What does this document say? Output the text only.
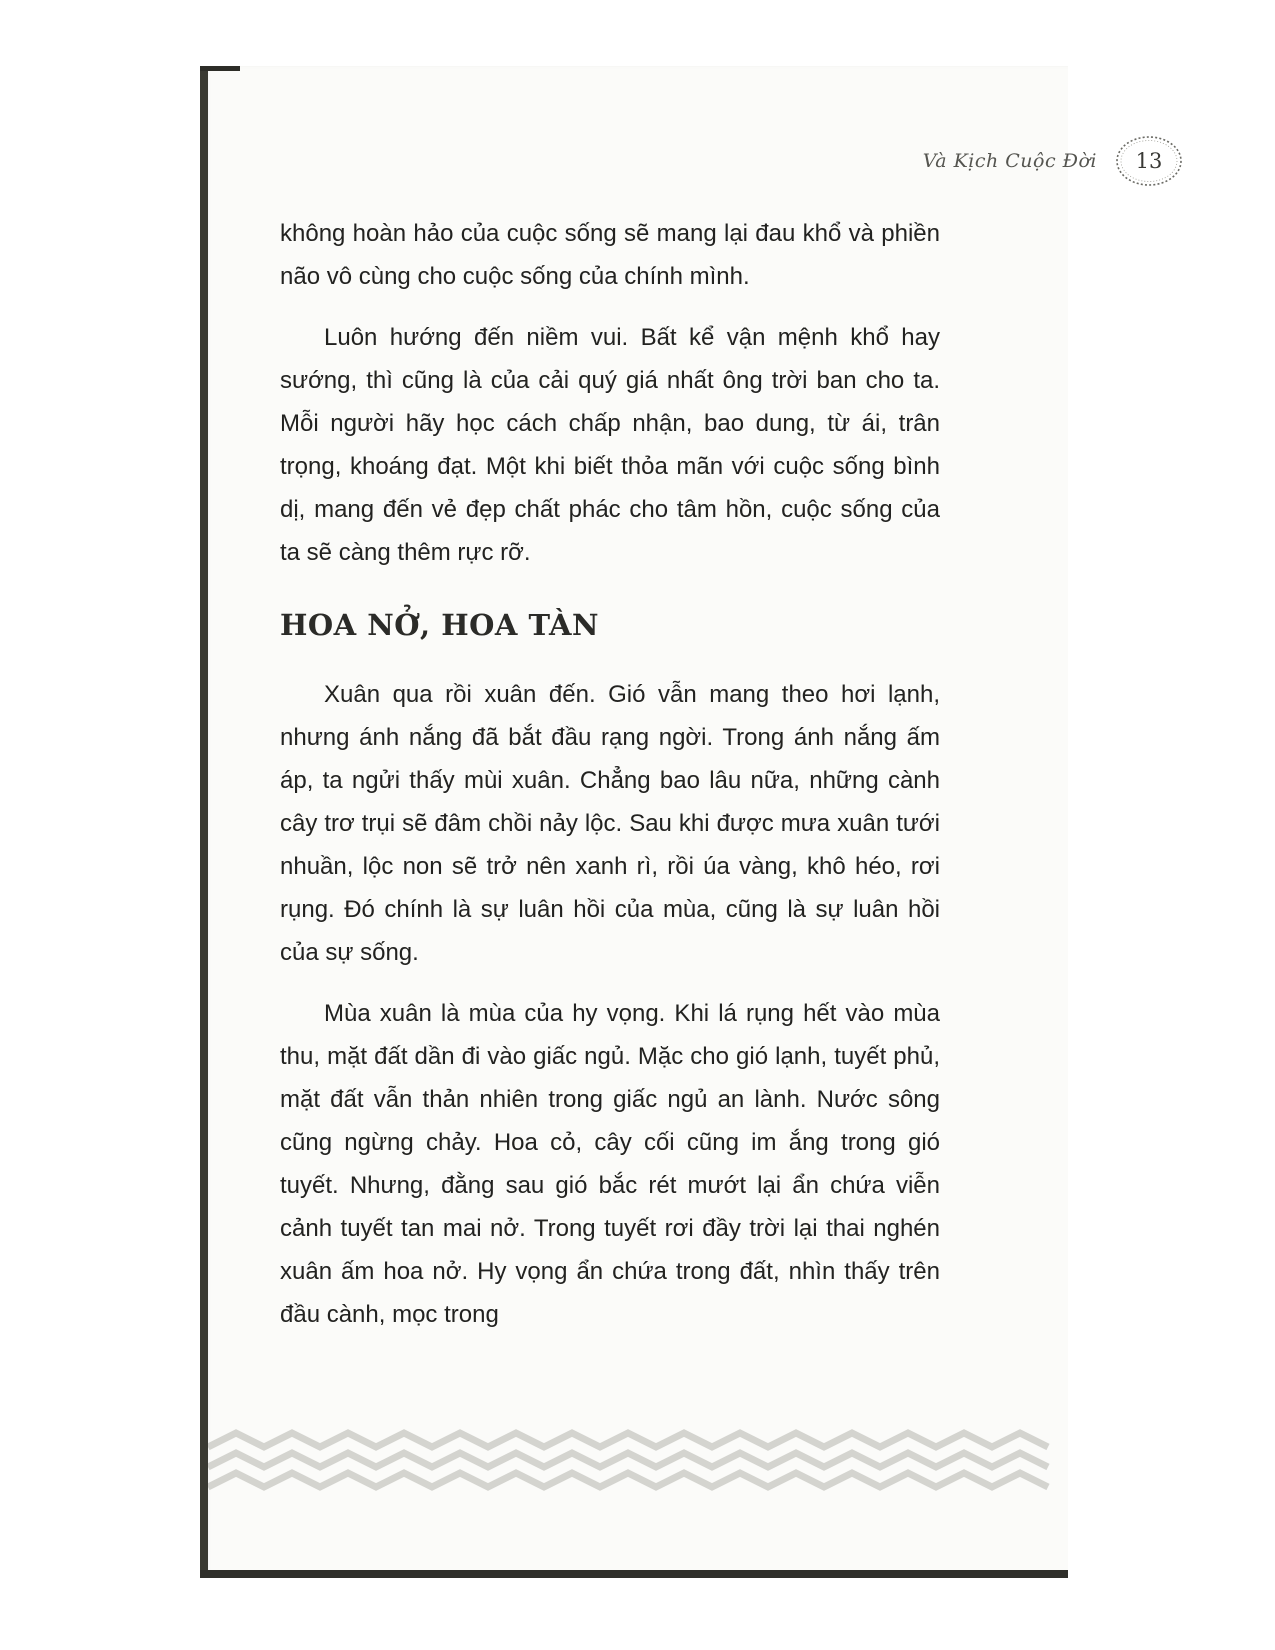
Và Kịch Cuộc Đời 13

không hoàn hảo của cuộc sống sẽ mang lại đau khổ và phiền não vô cùng cho cuộc sống của chính mình.

Luôn hướng đến niềm vui. Bất kể vận mệnh khổ hay sướng, thì cũng là của cải quý giá nhất ông trời ban cho ta. Mỗi người hãy học cách chấp nhận, bao dung, từ ái, trân trọng, khoáng đạt. Một khi biết thỏa mãn với cuộc sống bình dị, mang đến vẻ đẹp chất phác cho tâm hồn, cuộc sống của ta sẽ càng thêm rực rỡ.

HOA NỞ, HOA TÀN

Xuân qua rồi xuân đến. Gió vẫn mang theo hơi lạnh, nhưng ánh nắng đã bắt đầu rạng ngời. Trong ánh nắng ấm áp, ta ngửi thấy mùi xuân. Chẳng bao lâu nữa, những cành cây trơ trụi sẽ đâm chồi nảy lộc. Sau khi được mưa xuân tưới nhuần, lộc non sẽ trở nên xanh rì, rồi úa vàng, khô héo, rơi rụng. Đó chính là sự luân hồi của mùa, cũng là sự luân hồi của sự sống.

Mùa xuân là mùa của hy vọng. Khi lá rụng hết vào mùa thu, mặt đất dần đi vào giấc ngủ. Mặc cho gió lạnh, tuyết phủ, mặt đất vẫn thản nhiên trong giấc ngủ an lành. Nước sông cũng ngừng chảy. Hoa cỏ, cây cối cũng im ắng trong gió tuyết. Nhưng, đằng sau gió bắc rét mướt lại ẩn chứa viễn cảnh tuyết tan mai nở. Trong tuyết rơi đầy trời lại thai nghén xuân ấm hoa nở. Hy vọng ẩn chứa trong đất, nhìn thấy trên đầu cành, mọc trong
